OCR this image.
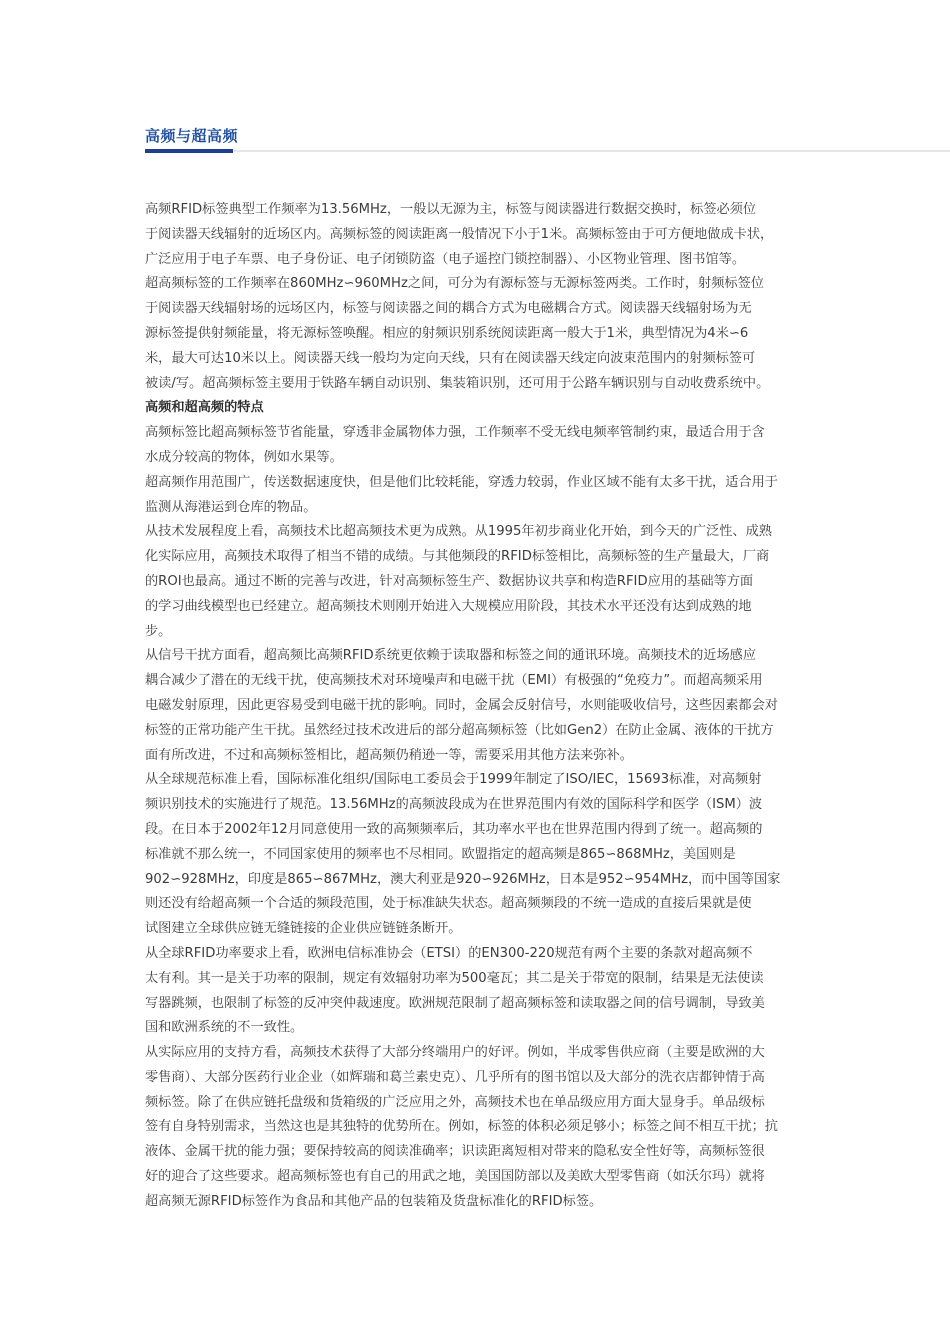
高频与超高频
高频RFID标签典型工作频率为13.56MHz，一般以无源为主，标签与阅读器进行数据交换时，标签必须位
于阅读器天线辐射的近场区内。高频标签的阅读距离一般情况下小于1米。高频标签由于可方便地做成卡状，
广泛应用于电子车票、电子身份证、电子闭锁防盗（电子遥控门锁控制器）、小区物业管理、图书馆等。
超高频标签的工作频率在860MHz∽960MHz之间，可分为有源标签与无源标签两类。工作时，射频标签位
于阅读器天线辐射场的远场区内，标签与阅读器之间的耦合方式为电磁耦合方式。阅读器天线辐射场为无
源标签提供射频能量，将无源标签唤醒。相应的射频识别系统阅读距离一般大于1米，典型情况为4米∽6
米，最大可达10米以上。阅读器天线一般均为定向天线，只有在阅读器天线定向波束范围内的射频标签可
被读/写。超高频标签主要用于铁路车辆自动识别、集装箱识别，还可用于公路车辆识别与自动收费系统中。
高频和超高频的特点
高频标签比超高频标签节省能量，穿透非金属物体力强，工作频率不受无线电频率管制约束，最适合用于含
水成分较高的物体，例如水果等。
超高频作用范围广，传送数据速度快，但是他们比较耗能，穿透力较弱，作业区域不能有太多干扰，适合用于
监测从海港运到仓库的物品。
从技术发展程度上看，高频技术比超高频技术更为成熟。从1995年初步商业化开始，到今天的广泛性、成熟
化实际应用，高频技术取得了相当不错的成绩。与其他频段的RFID标签相比，高频标签的生产量最大，厂商
的ROI也最高。通过不断的完善与改进，针对高频标签生产、数据协议共享和构造RFID应用的基础等方面
的学习曲线模型也已经建立。超高频技术则刚开始进入大规模应用阶段，其技术水平还没有达到成熟的地
步。
从信号干扰方面看，超高频比高频RFID系统更依赖于读取器和标签之间的通讯环境。高频技术的近场感应
耦合减少了潜在的无线干扰，使高频技术对环境噪声和电磁干扰（EMI）有极强的“免疫力”。而超高频采用
电磁发射原理，因此更容易受到电磁干扰的影响。同时，金属会反射信号，水则能吸收信号，这些因素都会对
标签的正常功能产生干扰。虽然经过技术改进后的部分超高频标签（比如Gen2）在防止金属、液体的干扰方
面有所改进，不过和高频标签相比，超高频仍稍逊一等，需要采用其他方法来弥补。
从全球规范标准上看，国际标准化组织/国际电工委员会于1999年制定了ISO/IEC，15693标准，对高频射
频识别技术的实施进行了规范。13.56MHz的高频波段成为在世界范围内有效的国际科学和医学（ISM）波
段。在日本于2002年12月同意使用一致的高频频率后，其功率水平也在世界范围内得到了统一。超高频的
标准就不那么统一，不同国家使用的频率也不尽相同。欧盟指定的超高频是865∽868MHz，美国则是
902∽928MHz，印度是865∽867MHz，澳大利亚是920∽926MHz，日本是952∽954MHz，而中国等国家
则还没有给超高频一个合适的频段范围，处于标准缺失状态。超高频频段的不统一造成的直接后果就是使
试图建立全球供应链无缝链接的企业供应链链条断开。
从全球RFID功率要求上看，欧洲电信标准协会（ETSI）的EN300-220规范有两个主要的条款对超高频不
太有利。其一是关于功率的限制，规定有效辐射功率为500毫瓦；其二是关于带宽的限制，结果是无法使读
写器跳频，也限制了标签的反冲突仲裁速度。欧洲规范限制了超高频标签和读取器之间的信号调制，导致美
国和欧洲系统的不一致性。
从实际应用的支持方看，高频技术获得了大部分终端用户的好评。例如，半成零售供应商（主要是欧洲的大
零售商）、大部分医药行业企业（如辉瑞和葛兰素史克）、几乎所有的图书馆以及大部分的洗衣店都钟情于高
频标签。除了在供应链托盘级和货箱级的广泛应用之外，高频技术也在单品级应用方面大显身手。单品级标
签有自身特别需求，当然这也是其独特的优势所在。例如，标签的体积必须足够小；标签之间不相互干扰；抗
液体、金属干扰的能力强；要保持较高的阅读准确率；识读距离短相对带来的隐私安全性好等，高频标签很
好的迎合了这些要求。超高频标签也有自己的用武之地，美国国防部以及美欧大型零售商（如沃尔玛）就将
超高频无源RFID标签作为食品和其他产品的包装箱及货盘标准化的RFID标签。
